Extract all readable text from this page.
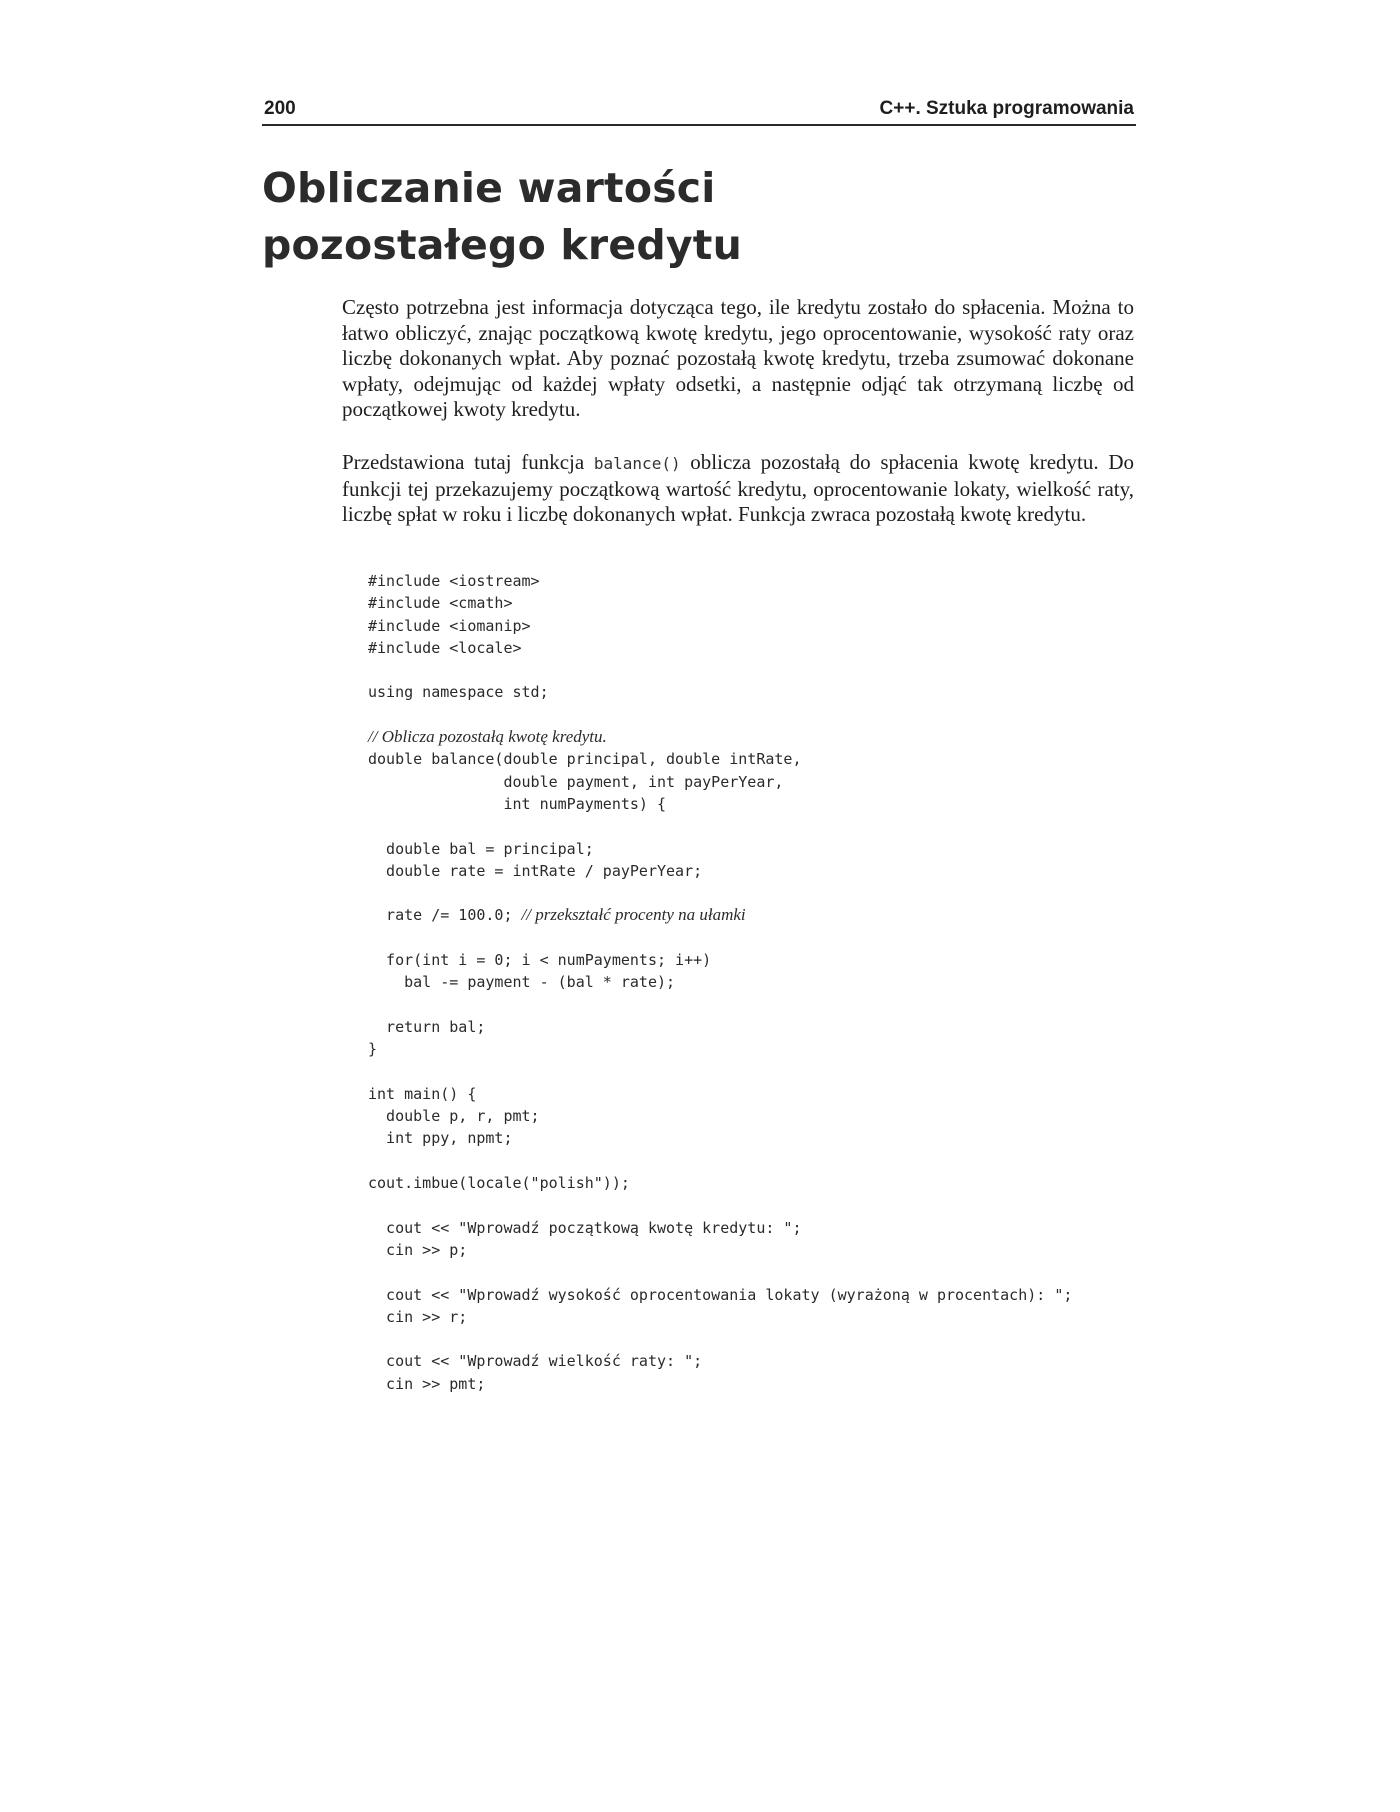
200	C++. Sztuka programowania
Obliczanie wartości
pozostałego kredytu

Często potrzebna jest informacja dotycząca tego, ile kredytu zostało do spłacenia. Można to łatwo obliczyć, znając początkową kwotę kredytu, jego oprocentowanie, wysokość raty oraz liczbę dokonanych wpłat. Aby poznać pozostałą kwotę kredytu, trzeba zsumować dokonane wpłaty, odejmując od każdej wpłaty odsetki, a następnie odjąć tak otrzymaną liczbę od początkowej kwoty kredytu.

Przedstawiona tutaj funkcja balance() oblicza pozostałą do spłacenia kwotę kredytu. Do funkcji tej przekazujemy początkową wartość kredytu, oprocentowanie lokaty, wielkość raty, liczbę spłat w roku i liczbę dokonanych wpłat. Funkcja zwraca pozostałą kwotę kredytu.

#include <iostream>
#include <cmath>
#include <iomanip>
#include <locale>
using namespace std;
// Oblicza pozostałą kwotę kredytu.
double balance(double principal, double intRate,
double payment, int payPerYear,
int numPayments) {
double bal = principal;
double rate = intRate / payPerYear;
rate /= 100.0; // przekształć procenty na ułamki
for(int i = 0; i < numPayments; i++)
bal -= payment - (bal * rate);
return bal;
}
int main() {
double p, r, pmt;
int ppy, npmt;
cout.imbue(locale("polish"));
cout << "Wprowadź początkową kwotę kredytu: ";
cin >> p;
cout << "Wprowadź wysokość oprocentowania lokaty (wyrażoną w procentach): ";
cin >> r;
cout << "Wprowadź wielkość raty: ";
cin >> pmt;
